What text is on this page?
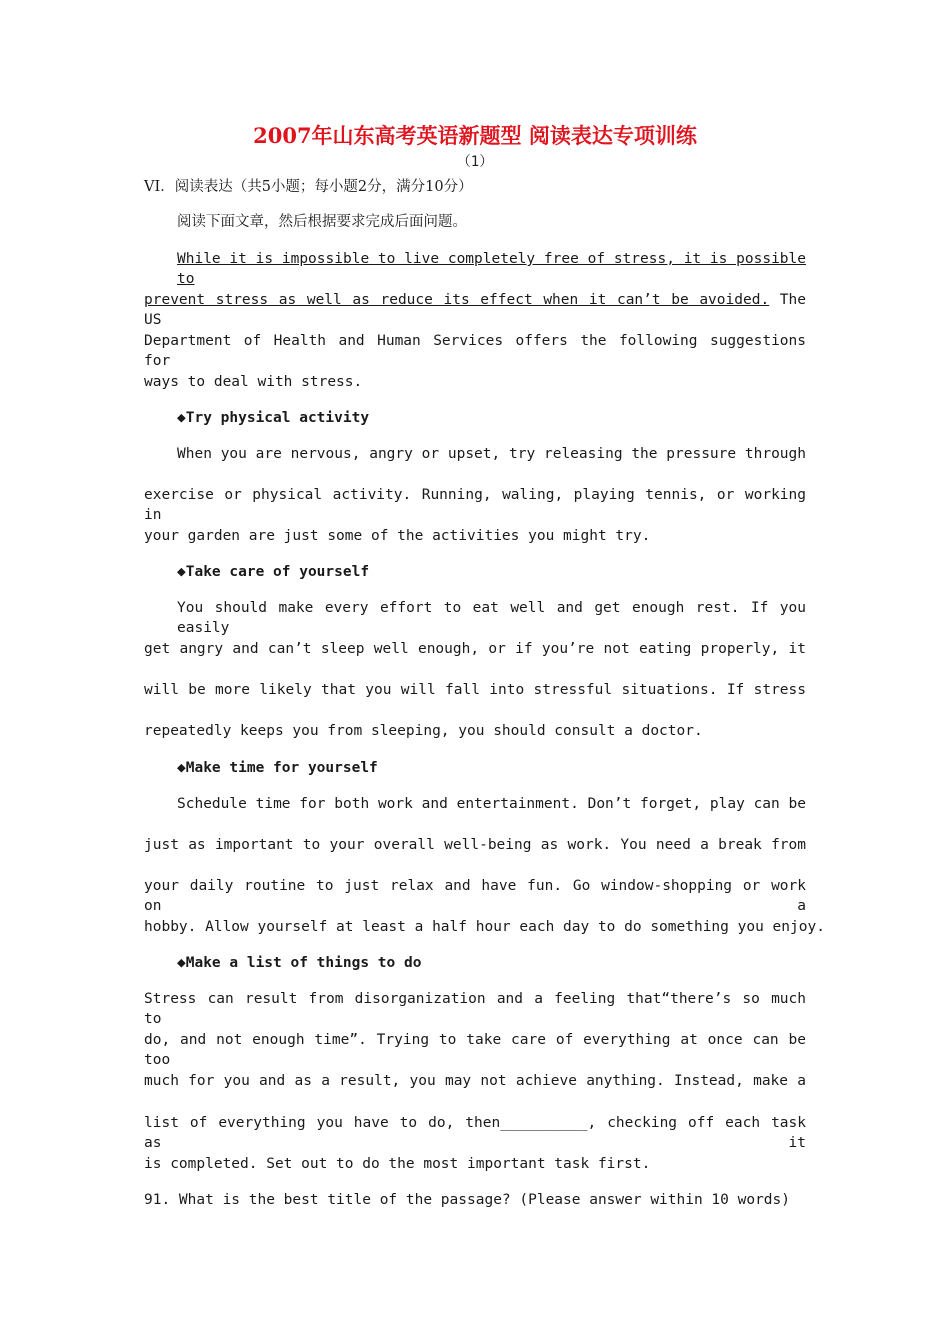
2007年山东高考英语新题型 阅读表达专项训练
（1）
VI．阅读表达（共5小题；每小题2分，满分10分）
阅读下面文章，然后根据要求完成后面问题。
While it is impossible to live completely free of stress, it is possible to
prevent stress as well as reduce its effect when it can’t be avoided. The US
Department of Health and Human Services offers the following suggestions for
ways to deal with stress.
◆Try physical activity
When you are nervous, angry or upset, try releasing the pressure through
exercise or physical activity. Running, waling, playing tennis, or working in
your garden are just some of the activities you might try.
◆Take care of yourself
You should make every effort to eat well and get enough rest. If you easily
get angry and can’t sleep well enough, or if you’re not eating properly, it
will be more likely that you will fall into stressful situations. If stress
repeatedly keeps you from sleeping, you should consult a doctor.
◆Make time for yourself
Schedule time for both work and entertainment. Don’t forget, play can be
just as important to your overall well-being as work. You need a break from
your daily routine to just relax and have fun. Go window-shopping or work on a
hobby. Allow yourself at least a half hour each day to do something you enjoy.
◆Make a list of things to do
Stress can result from disorganization and a feeling that“there’s so much to
do, and not enough time”. Trying to take care of everything at once can be too
much for you and as a result, you may not achieve anything. Instead, make a
list of everything you have to do, then__________, checking off each task as it
is completed. Set out to do the most important task first.
91. What is the best title of the passage? (Please answer within 10 words)
